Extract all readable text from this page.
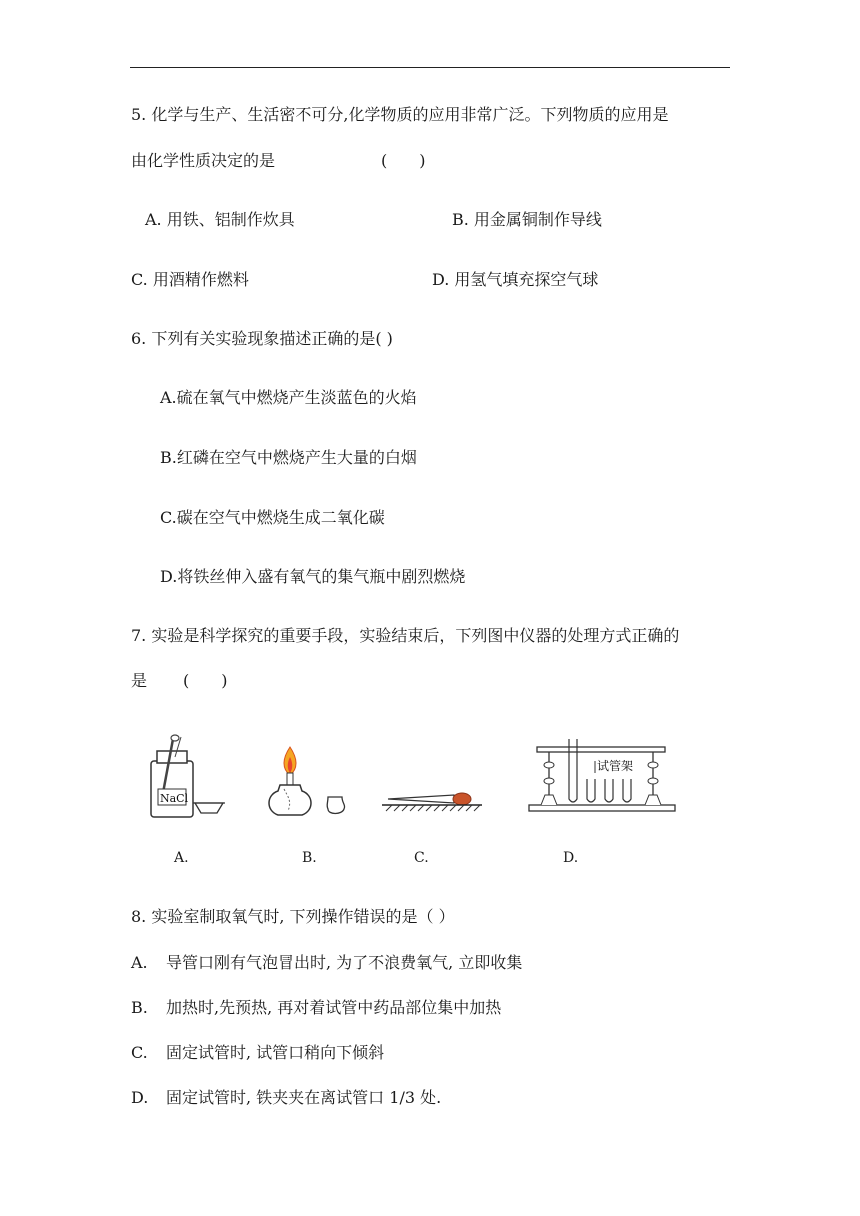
5. 化学与生产、生活密不可分,化学物质的应用非常广泛。下列物质的应用是
由化学性质决定的是	(　　)
A. 用铁、铝制作炊具	B. 用金属铜制作导线
C. 用酒精作燃料	D. 用氢气填充探空气球
6. 下列有关实验现象描述正确的是( )
A.硫在氧气中燃烧产生淡蓝色的火焰
B.红磷在空气中燃烧产生大量的白烟
C.碳在空气中燃烧生成二氧化碳
D.将铁丝伸入盛有氧气的集气瓶中剧烈燃烧
7. 实验是科学探究的重要手段，实验结束后，下列图中仪器的处理方式正确的
是 (　　)
NaCl
试管架
A.	B.	C.	D.
8. 实验室制取氧气时, 下列操作错误的是（ ）
A. 导管口刚有气泡冒出时, 为了不浪费氧气, 立即收集
B. 加热时,先预热, 再对着试管中药品部位集中加热
C. 固定试管时, 试管口稍向下倾斜
D. 固定试管时, 铁夹夹在离试管口 1/3 处.
